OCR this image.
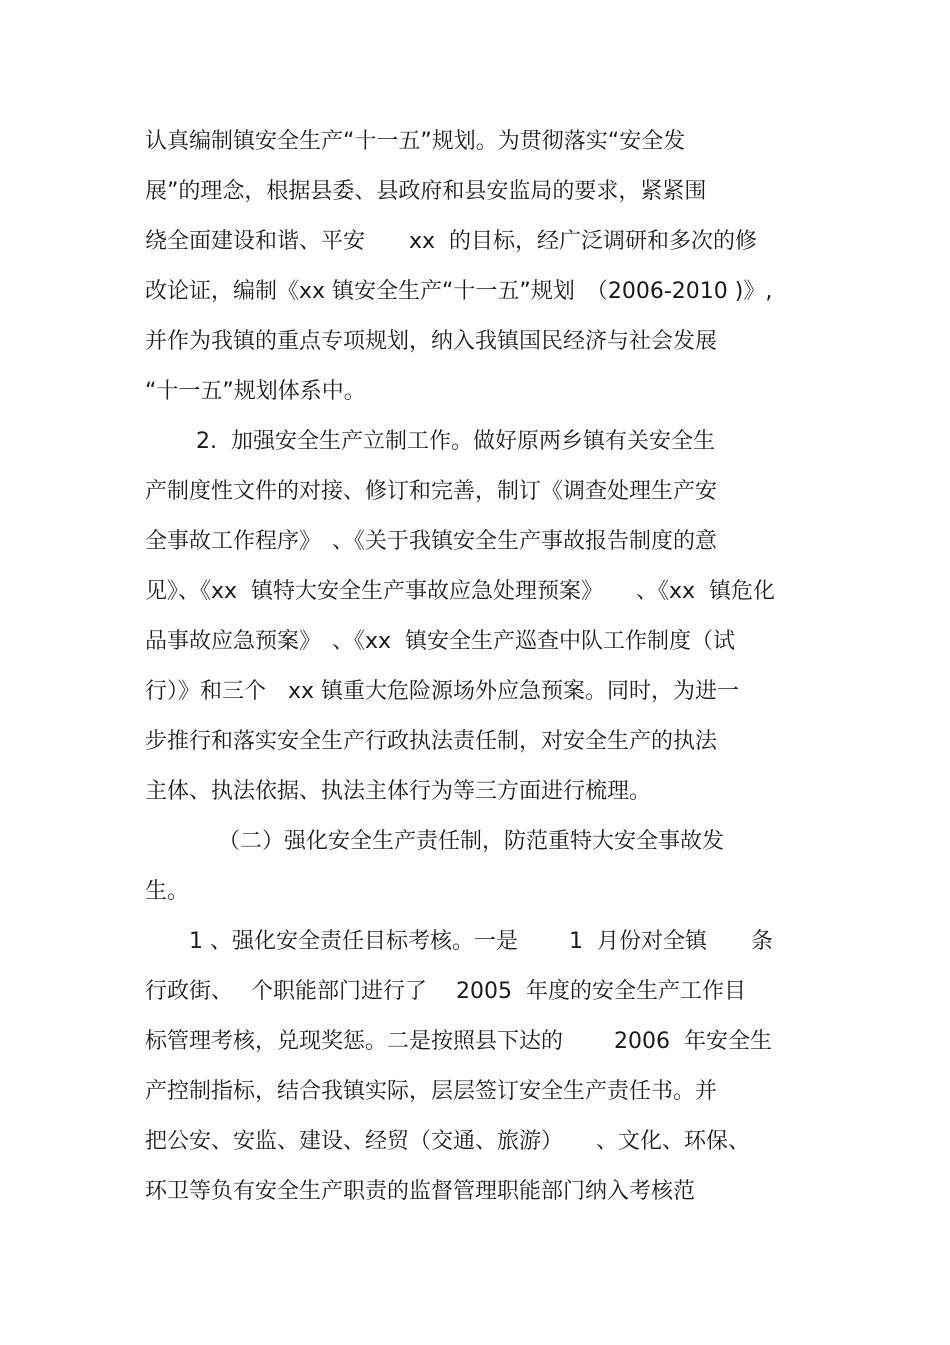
认真编制镇安全生产“十一五”规划。为贯彻落实“安全发
展”的理念，根据县委、县政府和县安监局的要求，紧紧围
绕全面建设和谐、平安　　xx  的目标，经广泛调研和多次的修
改论证，编制《xx 镇安全生产“十一五”规划　（2006-2010 )》,
并作为我镇的重点专项规划，纳入我镇国民经济与社会发展
“十一五”规划体系中。
　　 2.  加强安全生产立制工作。做好原两乡镇有关安全生
产制度性文件的对接、修订和完善，制订《调查处理生产安
全事故工作程序》　、《关于我镇安全生产事故报告制度的意
见》、《xx  镇特大安全生产事故应急处理预案》　　、《xx  镇危化
品事故应急预案》　、《xx  镇安全生产巡查中队工作制度（试
行）》和三个　xx 镇重大危险源场外应急预案。同时，为进一
步推行和落实安全生产行政执法责任制，对安全生产的执法
主体、执法依据、执法主体行为等三方面进行梳理。
　　　 （二）强化安全生产责任制，防范重特大安全事故发
生。
　　1 、强化安全责任目标考核。一是　　 1  月份对全镇　　条
行政街、　 个职能部门进行了　 2005  年度的安全生产工作目
标管理考核，兑现奖惩。二是按照县下达的　　 2006  年安全生
产控制指标，结合我镇实际，层层签订安全生产责任书。并
把公安、安监、建设、经贸（交通、旅游）　　、文化、环保、
环卫等负有安全生产职责的监督管理职能部门纳入考核范
